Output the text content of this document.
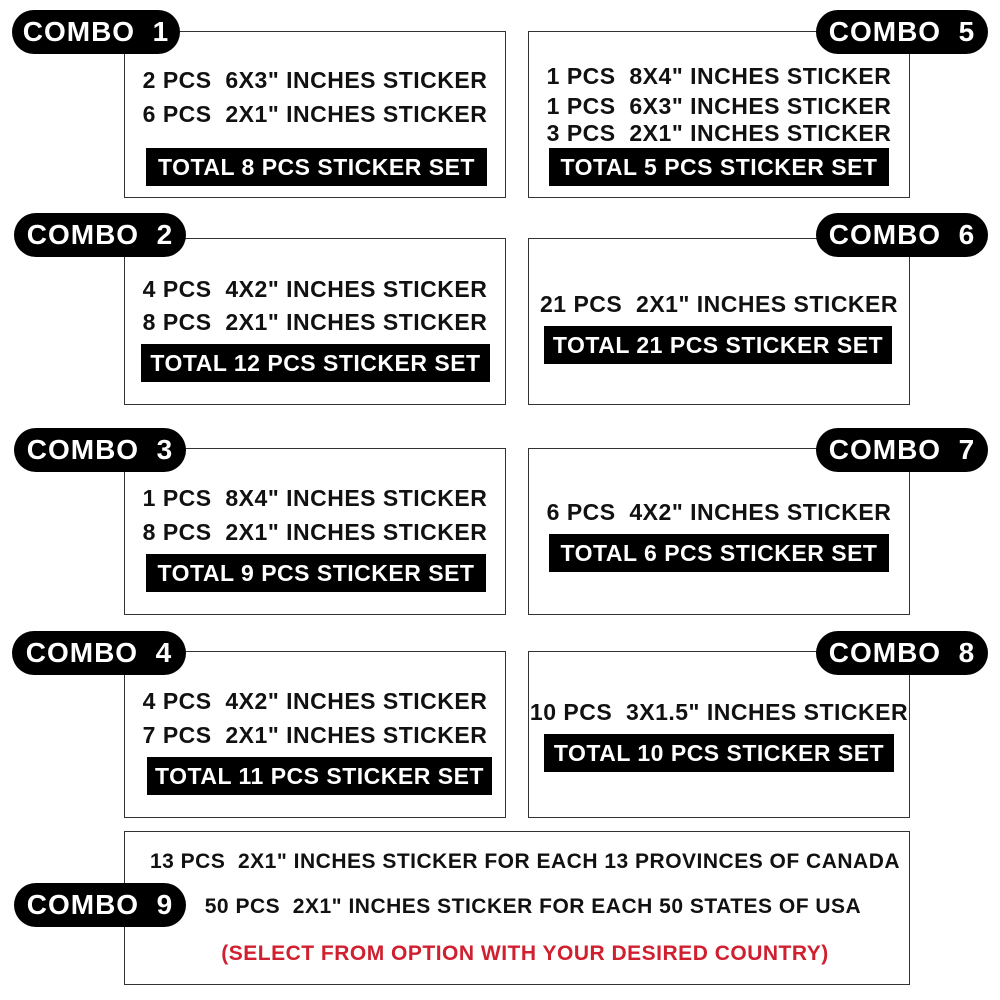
2 PCS  6X3" INCHES STICKER
6 PCS  2X1" INCHES STICKER
TOTAL 8 PCS STICKER SET
COMBO  1
4 PCS  4X2" INCHES STICKER
8 PCS  2X1" INCHES STICKER
TOTAL 12 PCS STICKER SET
COMBO  2
1 PCS  8X4" INCHES STICKER
8 PCS  2X1" INCHES STICKER
TOTAL 9 PCS STICKER SET
COMBO  3
4 PCS  4X2" INCHES STICKER
7 PCS  2X1" INCHES STICKER
TOTAL 11 PCS STICKER SET
COMBO  4
1 PCS  8X4" INCHES STICKER
1 PCS  6X3" INCHES STICKER
3 PCS  2X1" INCHES STICKER
TOTAL 5 PCS STICKER SET
COMBO  5
21 PCS  2X1" INCHES STICKER
TOTAL 21 PCS STICKER SET
COMBO  6
6 PCS  4X2" INCHES STICKER
TOTAL 6 PCS STICKER SET
COMBO  7
10 PCS  3X1.5" INCHES STICKER
TOTAL 10 PCS STICKER SET
COMBO  8
13 PCS  2X1" INCHES STICKER FOR EACH 13 PROVINCES OF CANADA
50 PCS  2X1" INCHES STICKER FOR EACH 50 STATES OF USA
(SELECT FROM OPTION WITH YOUR DESIRED COUNTRY)
COMBO  9
